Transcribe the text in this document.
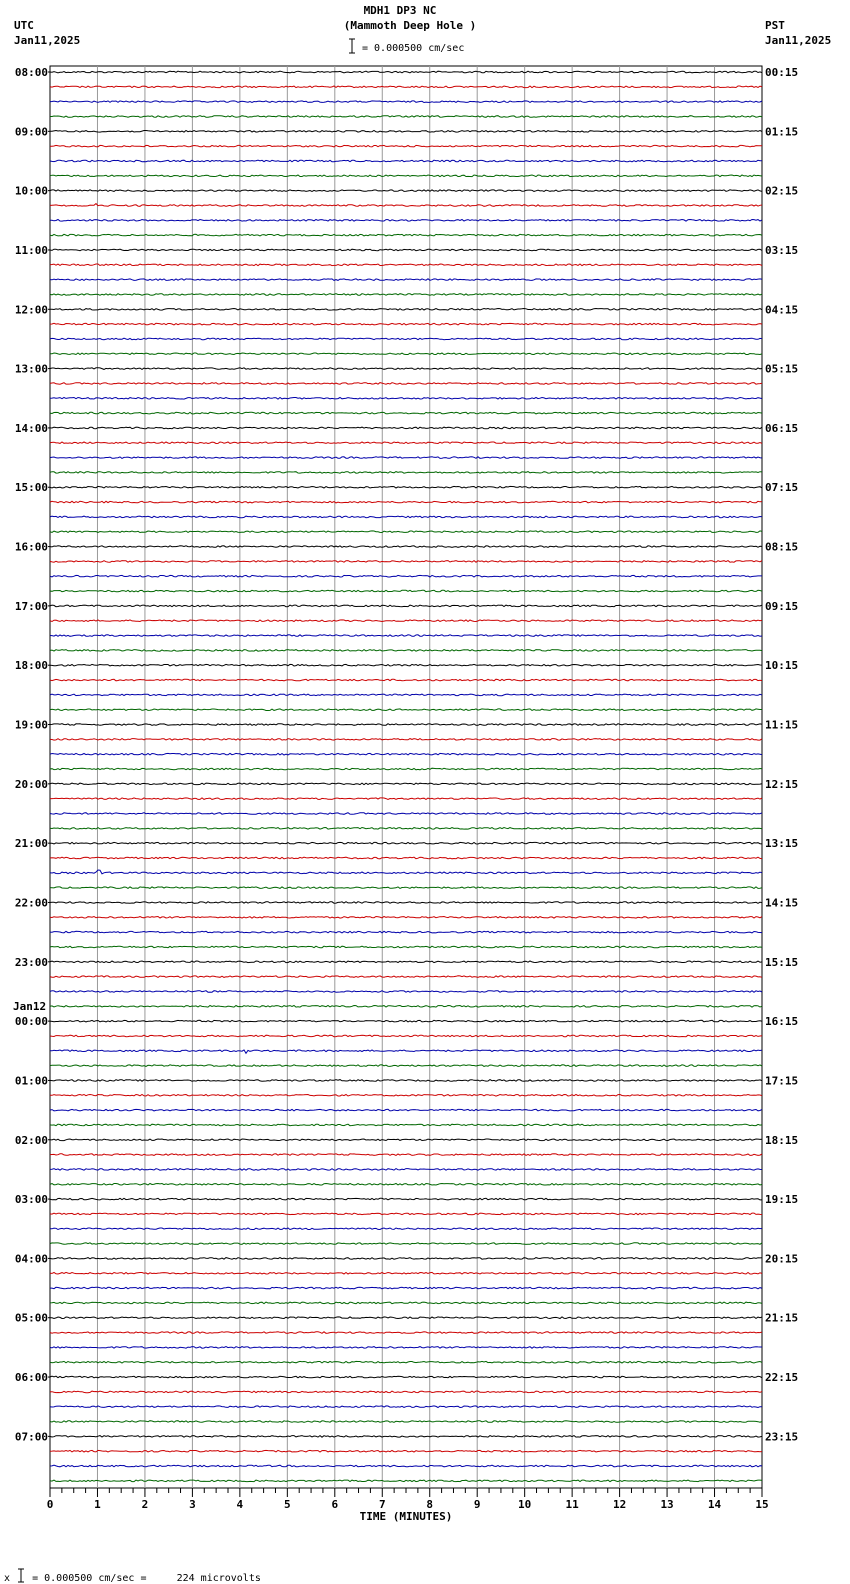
MDH1 DP3 NC
(Mammoth Deep Hole )
UTC
Jan11,2025
PST
Jan11,2025
= 0.000500 cm/sec
08:00
09:00
10:00
11:00
12:00
13:00
14:00
15:00
16:00
17:00
18:00
19:00
20:00
21:00
22:00
23:00
00:00
Jan12
01:00
02:00
03:00
04:00
05:00
06:00
07:00
00:15
01:15
02:15
03:15
04:15
05:15
06:15
07:15
08:15
09:15
10:15
11:15
12:15
13:15
14:15
15:15
16:15
17:15
18:15
19:15
20:15
21:15
22:15
23:15
0	1	2	3	4	5	6	7	8	9	10	11	12	13	14	15
TIME (MINUTES)
x = 0.000500 cm/sec =     224 microvolts
